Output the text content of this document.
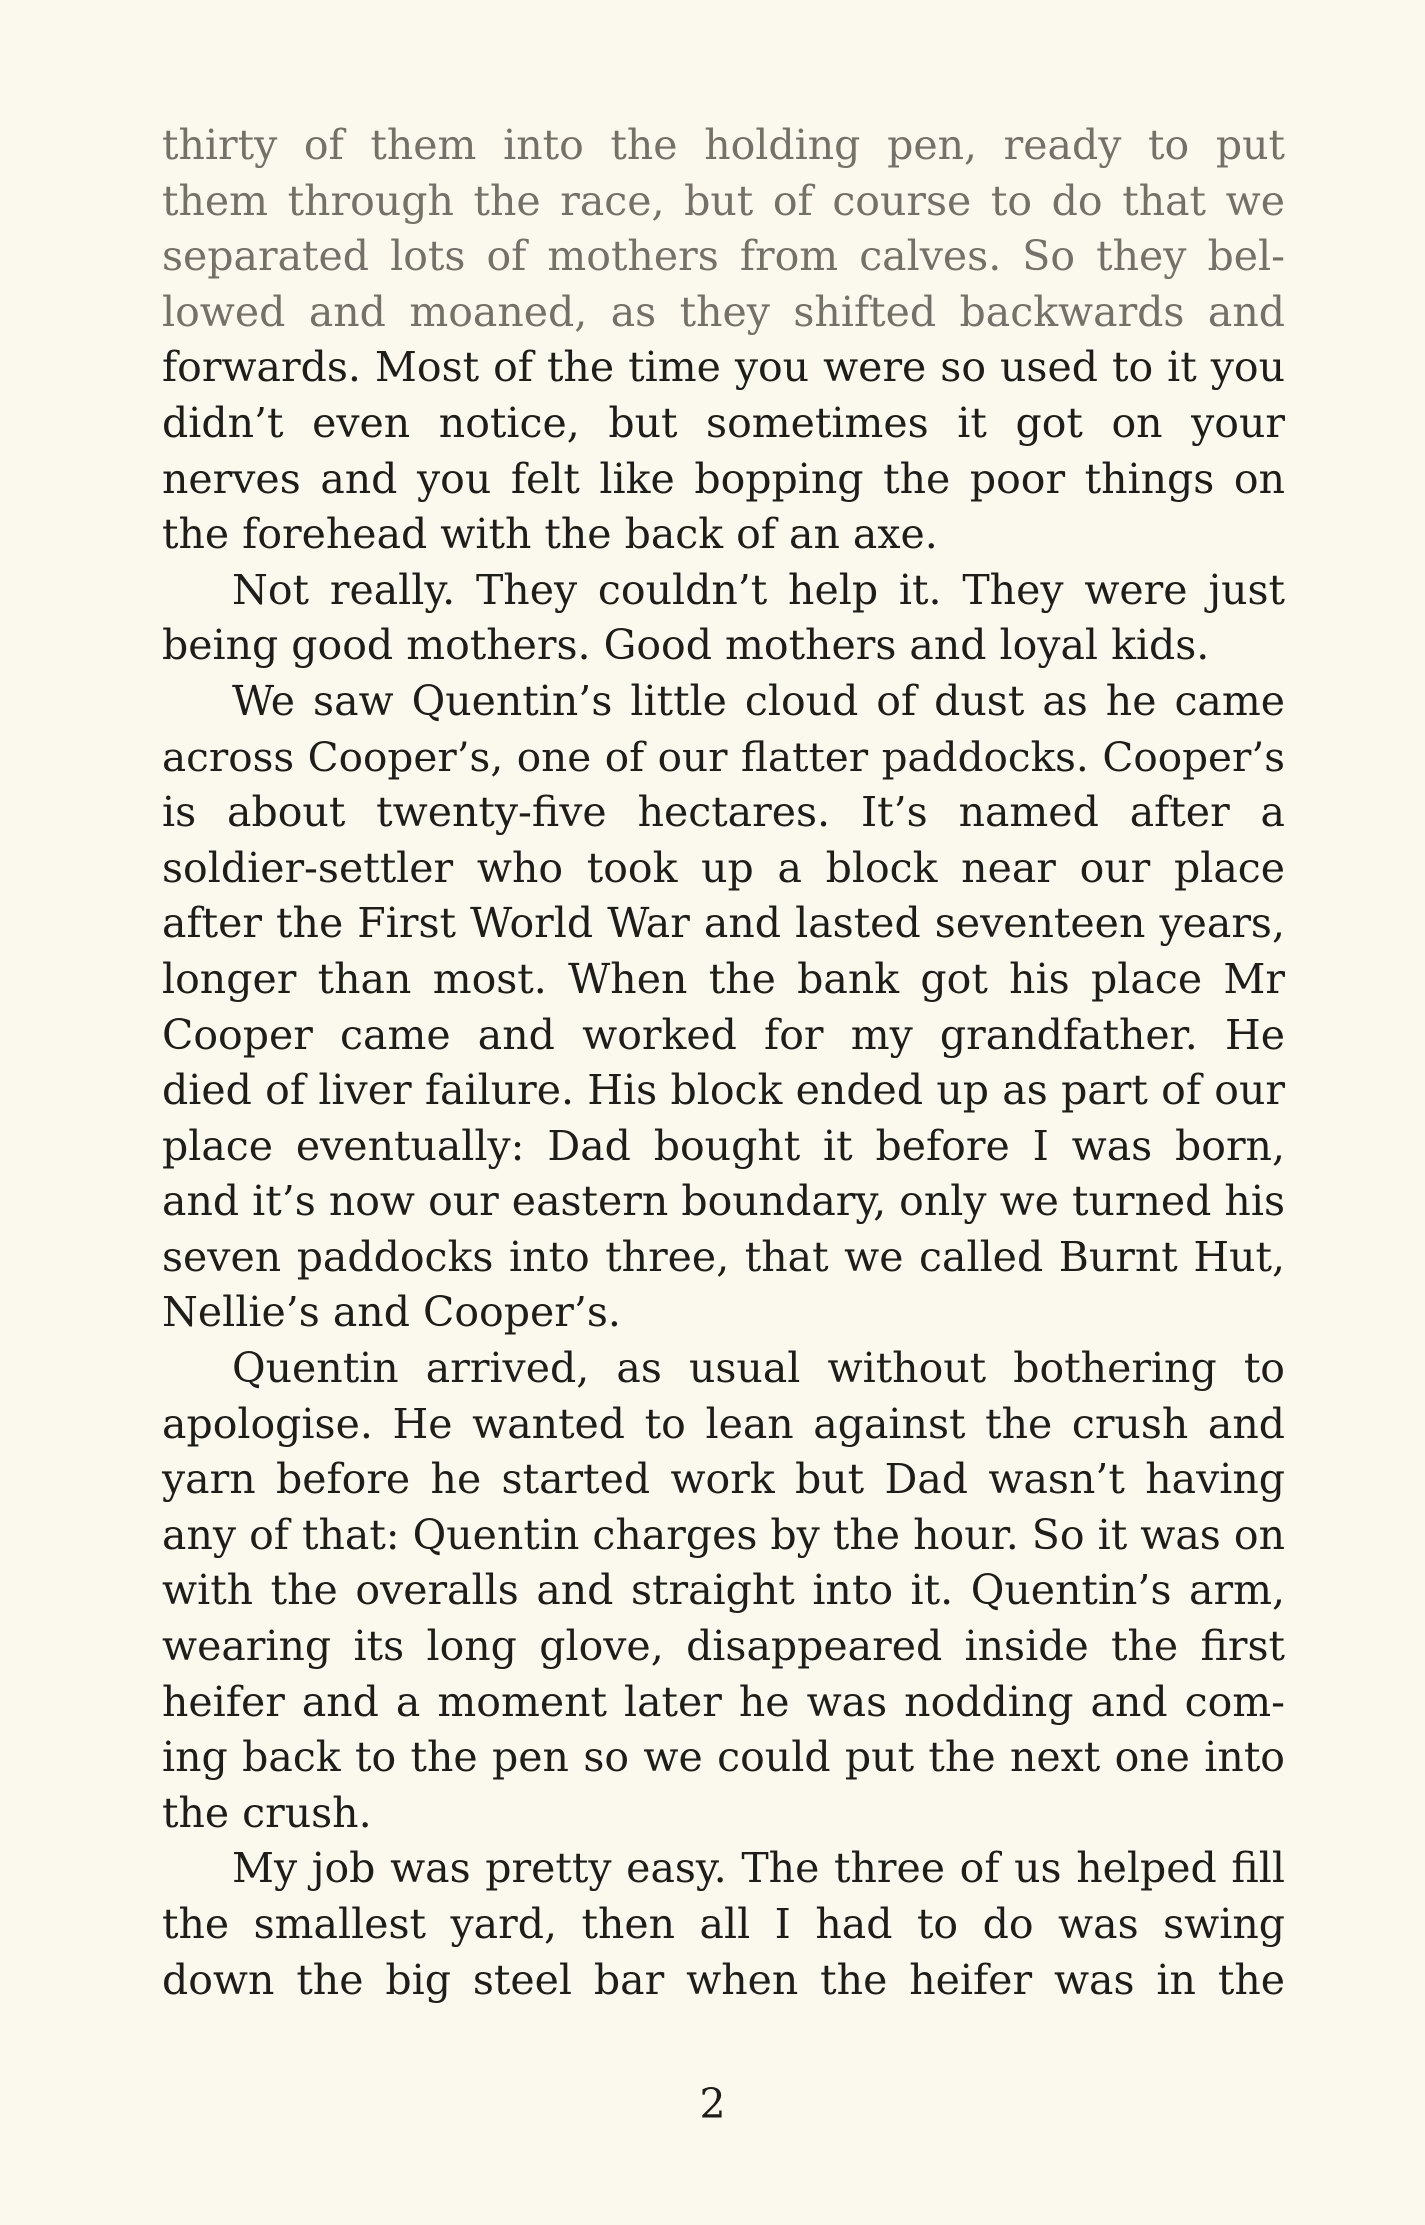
thirty of them into the holding pen, ready to put
them through the race, but of course to do that we
separated lots of mothers from calves. So they bel-
lowed and moaned, as they shifted backwards and
forwards. Most of the time you were so used to it you
didn’t even notice, but sometimes it got on your
nerves and you felt like bopping the poor things on
the forehead with the back of an axe.
Not really. They couldn’t help it. They were just
being good mothers. Good mothers and loyal kids.
We saw Quentin’s little cloud of dust as he came
across Cooper’s, one of our flatter paddocks. Cooper’s
is about twenty-five hectares. It’s named after a
soldier-settler who took up a block near our place
after the First World War and lasted seventeen years,
longer than most. When the bank got his place Mr
Cooper came and worked for my grandfather. He
died of liver failure. His block ended up as part of our
place eventually: Dad bought it before I was born,
and it’s now our eastern boundary, only we turned his
seven paddocks into three, that we called Burnt Hut,
Nellie’s and Cooper’s.
Quentin arrived, as usual without bothering to
apologise. He wanted to lean against the crush and
yarn before he started work but Dad wasn’t having
any of that: Quentin charges by the hour. So it was on
with the overalls and straight into it. Quentin’s arm,
wearing its long glove, disappeared inside the first
heifer and a moment later he was nodding and com-
ing back to the pen so we could put the next one into
the crush.
My job was pretty easy. The three of us helped fill
the smallest yard, then all I had to do was swing
down the big steel bar when the heifer was in the
2
